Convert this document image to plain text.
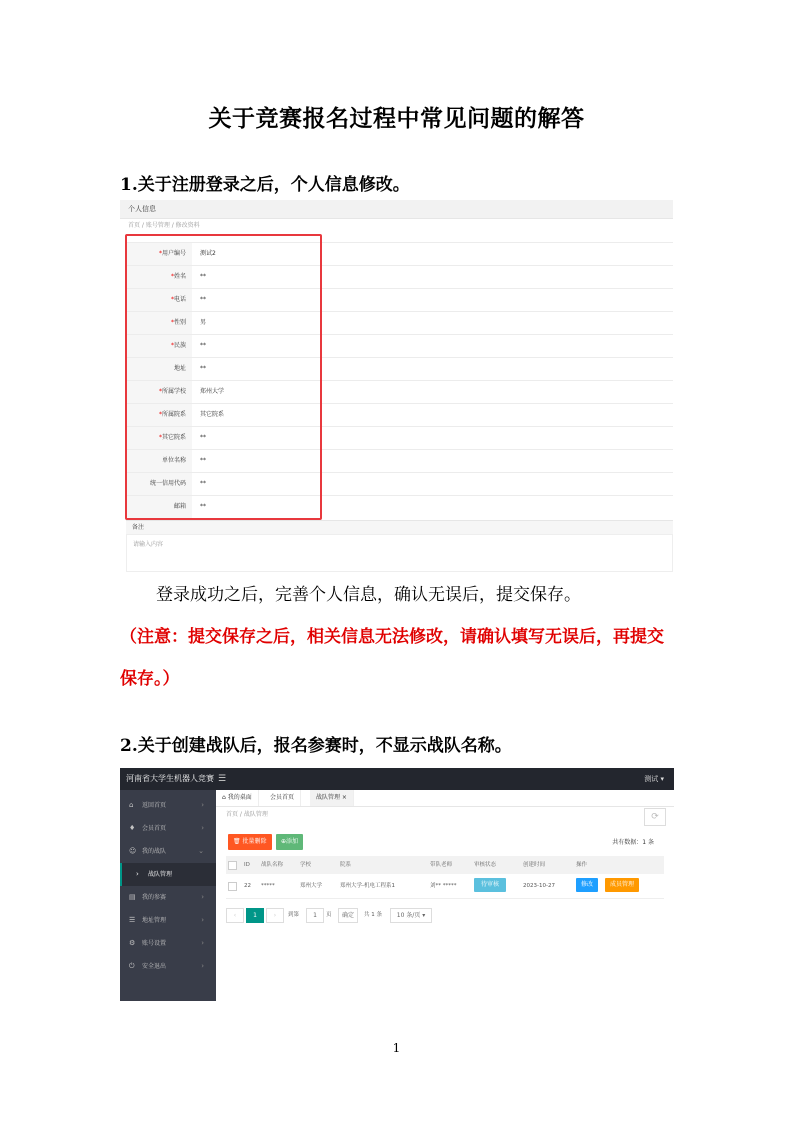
关于竞赛报名过程中常见问题的解答
1.关于注册登录之后，个人信息修改。
个人信息
首页 / 账号管理 / 修改资料
*用户编号	测试2
*姓名	**
*电话	**
*性别	男
*民族	**
地址	**
*所属学校	郑州大学
*所属院系	其它院系
*其它院系	**
单位名称	**
统一信用代码	**
邮箱	**
备注
请输入内容
登录成功之后，完善个人信息，确认无误后，提交保存。
（注意：提交保存之后，相关信息无法修改，请确认填写无误后，再提交保存。）
2.关于创建战队后，报名参赛时，不显示战队名称。
河南省大学生机器人竞赛 ☰	测试 ▾
⌂ 返回首页	›
♦ 会员首页	›
☺ 我的战队	⌄
› 战队管理
▤ 我的参赛	›
☰ 地址管理	›
⚙ 账号设置	›
⏻ 安全退出	›
⌂ 我的桌面	会员首页	战队管理 ×
首页 / 战队管理	⟳
🗑 批量删除	⊕添加	共有数据：1 条
ID 战队名称	学校	院系	带队老师	审核状态	创建时间	操作
22 *****	郑州大学	郑州大学-机电工程系1	刘** *****	待审核	2023-10-27	修改	成员管理
‹	1	›	到第	1	页	确定	共 1 条	10 条/页 ▾
1
